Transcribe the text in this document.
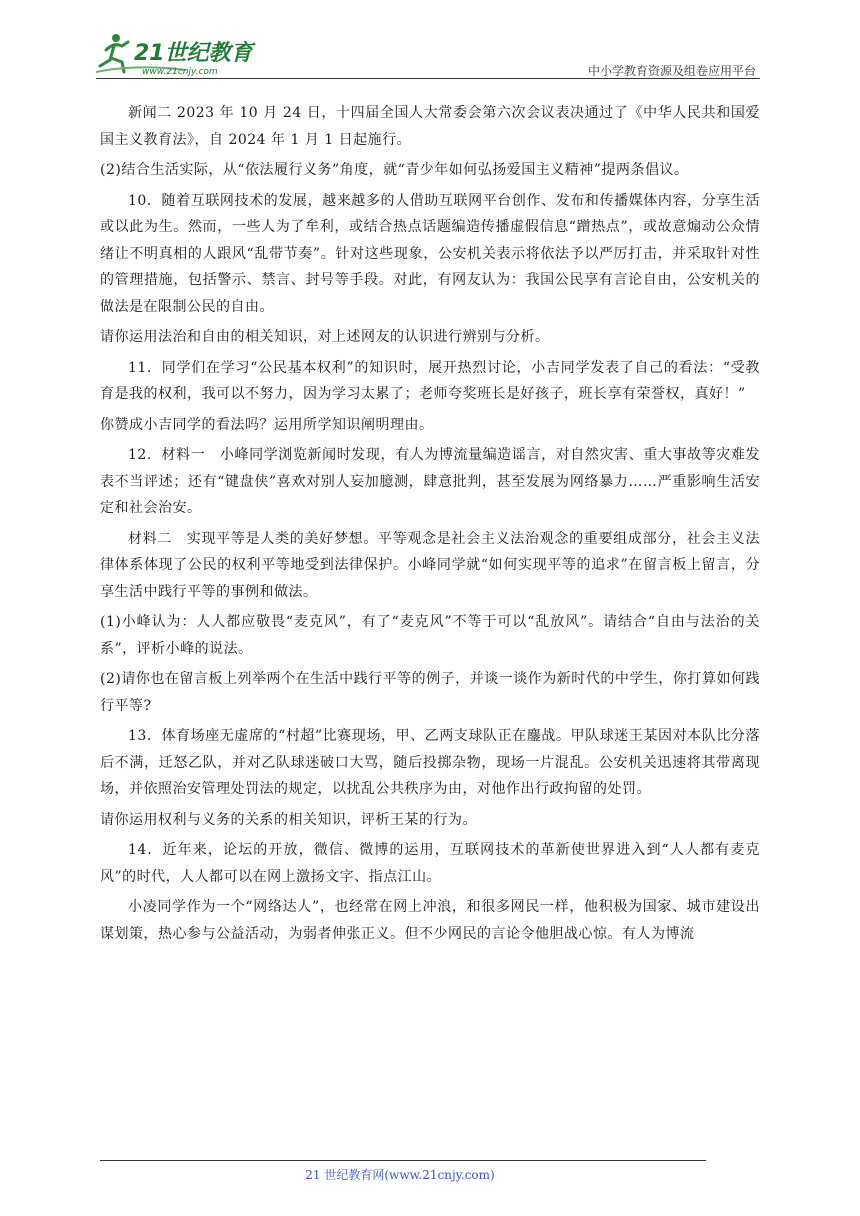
21世纪教育
www.21cnjy.com	中小学教育资源及组卷应用平台

新闻二 2023 年 10 月 24 日，十四届全国人大常委会第六次会议表决通过了《中华人民共和国爱国主义教育法》，自 2024 年 1 月 1 日起施行。

(2)结合生活实际，从“依法履行义务”角度，就“青少年如何弘扬爱国主义精神”提两条倡议。

10．随着互联网技术的发展，越来越多的人借助互联网平台创作、发布和传播媒体内容，分享生活或以此为生。然而，一些人为了牟利，或结合热点话题编造传播虚假信息“蹭热点”，或故意煽动公众情绪让不明真相的人跟风“乱带节奏”。针对这些现象，公安机关表示将依法予以严厉打击，并采取针对性的管理措施，包括警示、禁言、封号等手段。对此，有网友认为：我国公民享有言论自由，公安机关的做法是在限制公民的自由。

请你运用法治和自由的相关知识，对上述网友的认识进行辨别与分析。

11．同学们在学习“公民基本权利”的知识时，展开热烈讨论，小吉同学发表了自己的看法：“受教育是我的权利，我可以不努力，因为学习太累了；老师夸奖班长是好孩子，班长享有荣誉权，真好！”

你赞成小吉同学的看法吗？运用所学知识阐明理由。

12．材料一　小峰同学浏览新闻时发现，有人为博流量编造谣言，对自然灾害、重大事故等灾难发表不当评述；还有“键盘侠”喜欢对别人妄加臆测，肆意批判，甚至发展为网络暴力……严重影响生活安定和社会治安。

材料二　实现平等是人类的美好梦想。平等观念是社会主义法治观念的重要组成部分，社会主义法律体系体现了公民的权利平等地受到法律保护。小峰同学就“如何实现平等的追求”在留言板上留言，分享生活中践行平等的事例和做法。

(1)小峰认为：人人都应敬畏“麦克风”，有了“麦克风”不等于可以“乱放风”。请结合“自由与法治的关系”，评析小峰的说法。

(2)请你也在留言板上列举两个在生活中践行平等的例子，并谈一谈作为新时代的中学生，你打算如何践行平等?

13．体育场座无虚席的“村超”比赛现场，甲、乙两支球队正在鏖战。甲队球迷王某因对本队比分落后不满，迁怒乙队，并对乙队球迷破口大骂，随后投掷杂物，现场一片混乱。公安机关迅速将其带离现场，并依照治安管理处罚法的规定，以扰乱公共秩序为由，对他作出行政拘留的处罚。

请你运用权利与义务的关系的相关知识，评析王某的行为。

14．近年来，论坛的开放，微信、微博的运用，互联网技术的革新使世界进入到“人人都有麦克风”的时代，人人都可以在网上激扬文字、指点江山。

小凌同学作为一个“网络达人”，也经常在网上冲浪，和很多网民一样，他积极为国家、城市建设出谋划策，热心参与公益活动，为弱者伸张正义。但不少网民的言论令他胆战心惊。有人为博流

21 世纪教育网(www.21cnjy.com)
